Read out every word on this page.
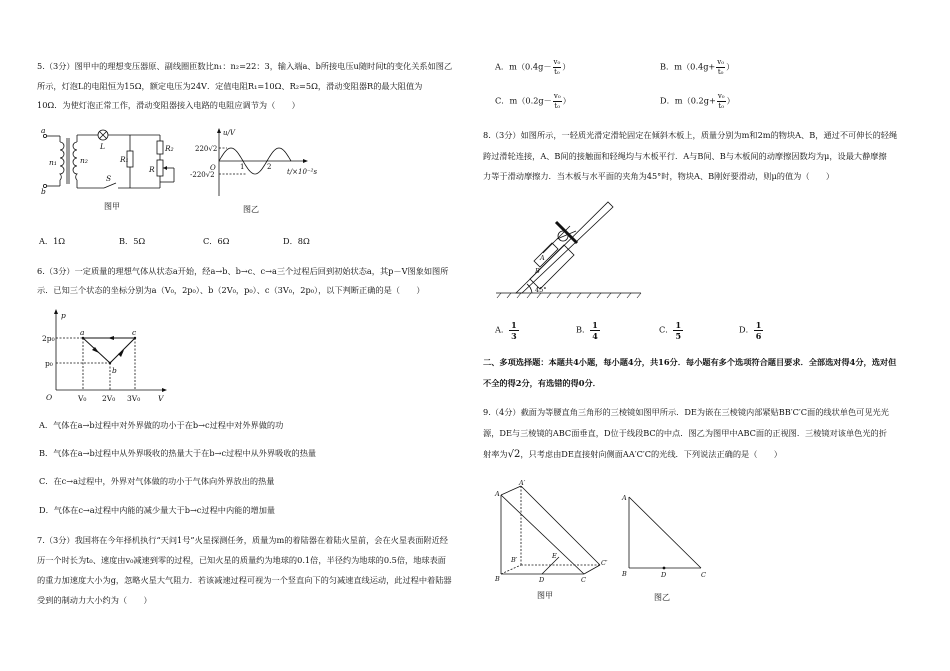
5.（3分）图甲中的理想变压器原、副线圈匝数比n₁：n₂=22：3，输入端a、b所接电压u随时间t的变化关系如图乙
所示，灯泡L的电阻恒为15Ω，额定电压为24V．定值电阻R₁=10Ω、R₂=5Ω，滑动变阻器R的最大阻值为
10Ω．为使灯泡正常工作，滑动变阻器接入电路的电阻应调节为（　　）
a
b
n₁	n₂
L
S
R₁
R₂
R
图甲
u/V
t/×10⁻²s
O
220√2
-220√2
1	2
图乙
A．1Ω	B．5Ω	C．6Ω	D．8Ω
6.（3分）一定质量的理想气体从状态a开始，经a→b、b→c、c→a三个过程后回到初始状态a，其p－V图象如图所
示．已知三个状态的坐标分别为a（V₀，2p₀）、b（2V₀，p₀）、c（3V₀，2p₀），以下判断正确的是（　　）
p
V
O
2p₀
p₀
V₀ 2V₀ 3V₀
a
b
c
A．气体在a→b过程中对外界做的功小于在b→c过程中对外界做的功
B．气体在a→b过程中从外界吸收的热量大于在b→c过程中从外界吸收的热量
C．在c→a过程中，外界对气体做的功小于气体向外界放出的热量
D．气体在c→a过程中内能的减少量大于b→c过程中内能的增加量
7.（3分）我国将在今年择机执行“天问1号”火星探测任务，质量为m的着陆器在着陆火星前，会在火星表面附近经
历一个时长为t₀、速度由v₀减速到零的过程，已知火星的质量约为地球的0.1倍，半径约为地球的0.5倍，地球表面
的重力加速度大小为g，忽略火星大气阻力．若该减速过程可视为一个竖直向下的匀减速直线运动，此过程中着陆器
受到的制动力大小约为（　　）
A．$m(0.4g- \frac{\text{v₀}}{\text{t₀}}$ ）	B．$m(0.4g+ \frac{\text{v₀}}{\text{t₀}}$ ）
C．$m(0.2g- \frac{\text{v₀}}{\text{t₀}}$ ）	D．$m(0.2g+ \frac{\text{v₀}}{\text{t₀}}$ ）
8.（3分）如图所示，一轻质光滑定滑轮固定在倾斜木板上，质量分别为m和2m的物块A、B，通过不可伸长的轻绳
跨过滑轮连接，A、B间的接触面和轻绳均与木板平行．A与B间、B与木板间的动摩擦因数均为μ，设最大静摩擦
力等于滑动摩擦力．当木板与水平面的夹角为45°时，物块A、B刚好要滑动，则μ的值为（　　）
45°
A
B
A． $\frac{1}{3}$	B． $\frac{1}{4}$	C． $\frac{1}{5}$	D． $\frac{1}{6}$
二、多项选择题：本题共4小题，每小题4分，共16分．每小题有多个选项符合题目要求．全部选对得4分，选对但
不全的得2分，有选错的得0分．
9.（4分）截面为等腰直角三角形的三棱镜如图甲所示．DE为嵌在三棱镜内部紧贴BB′C′C面的线状单色可见光光
源，DE与三棱镜的ABC面垂直，D位于线段BC的中点．图乙为图甲中ABC面的正视图．三棱镜对该单色光的折
射率为√2，只考虑由DE直接射向侧面AA′C′C的光线．下列说法正确的是（　　）
A′
A
B′	E
C′
B	D	C
图甲
A
B	D	C
图乙
